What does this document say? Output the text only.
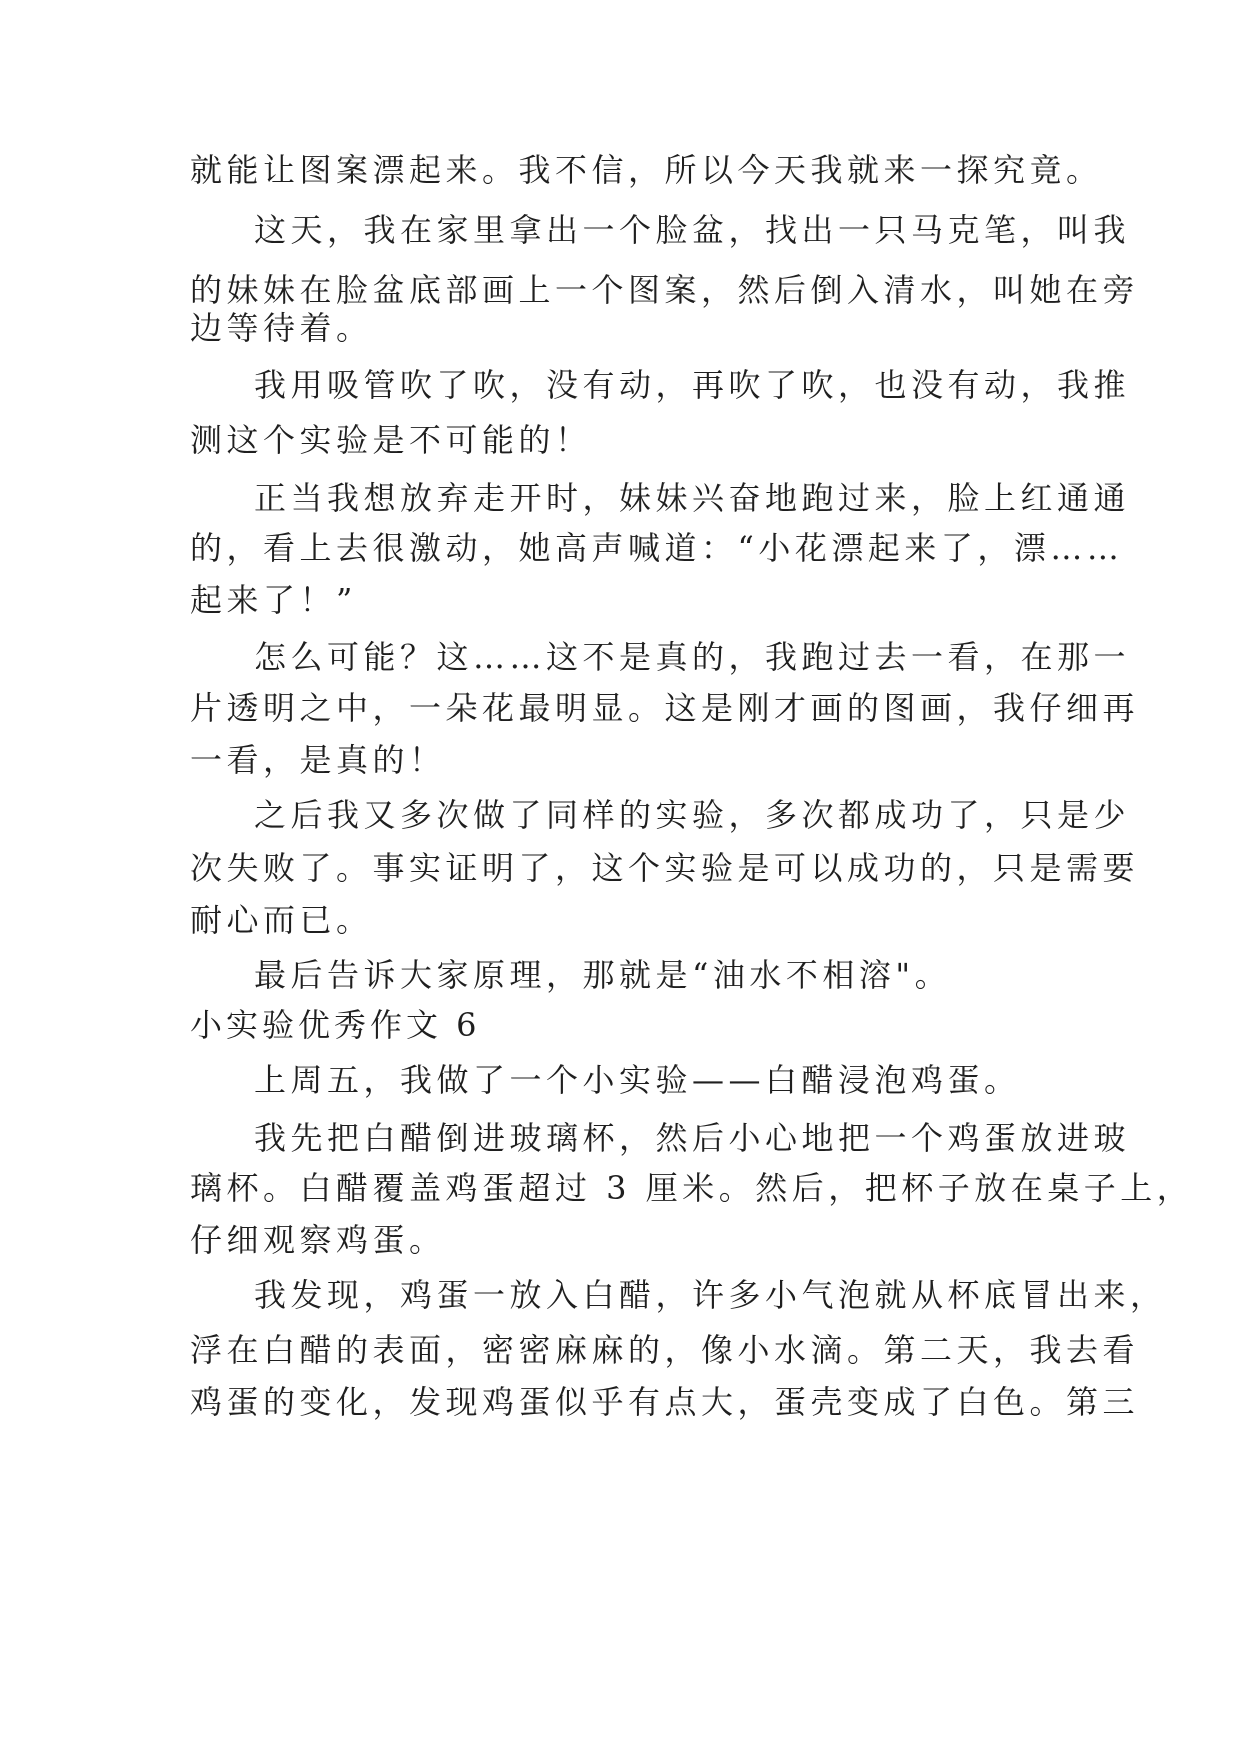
就能让图案漂起来。我不信，所以今天我就来一探究竟。
这天，我在家里拿出一个脸盆，找出一只马克笔，叫我
的妹妹在脸盆底部画上一个图案，然后倒入清水，叫她在旁
边等待着。
我用吸管吹了吹，没有动，再吹了吹，也没有动，我推
测这个实验是不可能的！
正当我想放弃走开时，妹妹兴奋地跑过来，脸上红通通
的，看上去很激动，她高声喊道：“小花漂起来了，漂……
起来了！”
怎么可能？这……这不是真的，我跑过去一看，在那一
片透明之中，一朵花最明显。这是刚才画的图画，我仔细再
一看，是真的！
之后我又多次做了同样的实验，多次都成功了，只是少
次失败了。事实证明了，这个实验是可以成功的，只是需要
耐心而已。
最后告诉大家原理，那就是“油水不相溶"。
小实验优秀作文 6
上周五，我做了一个小实验——白醋浸泡鸡蛋。
我先把白醋倒进玻璃杯，然后小心地把一个鸡蛋放进玻
璃杯。白醋覆盖鸡蛋超过 3 厘米。然后，把杯子放在桌子上，
仔细观察鸡蛋。
我发现，鸡蛋一放入白醋，许多小气泡就从杯底冒出来，
浮在白醋的表面，密密麻麻的，像小水滴。第二天，我去看
鸡蛋的变化，发现鸡蛋似乎有点大，蛋壳变成了白色。第三
